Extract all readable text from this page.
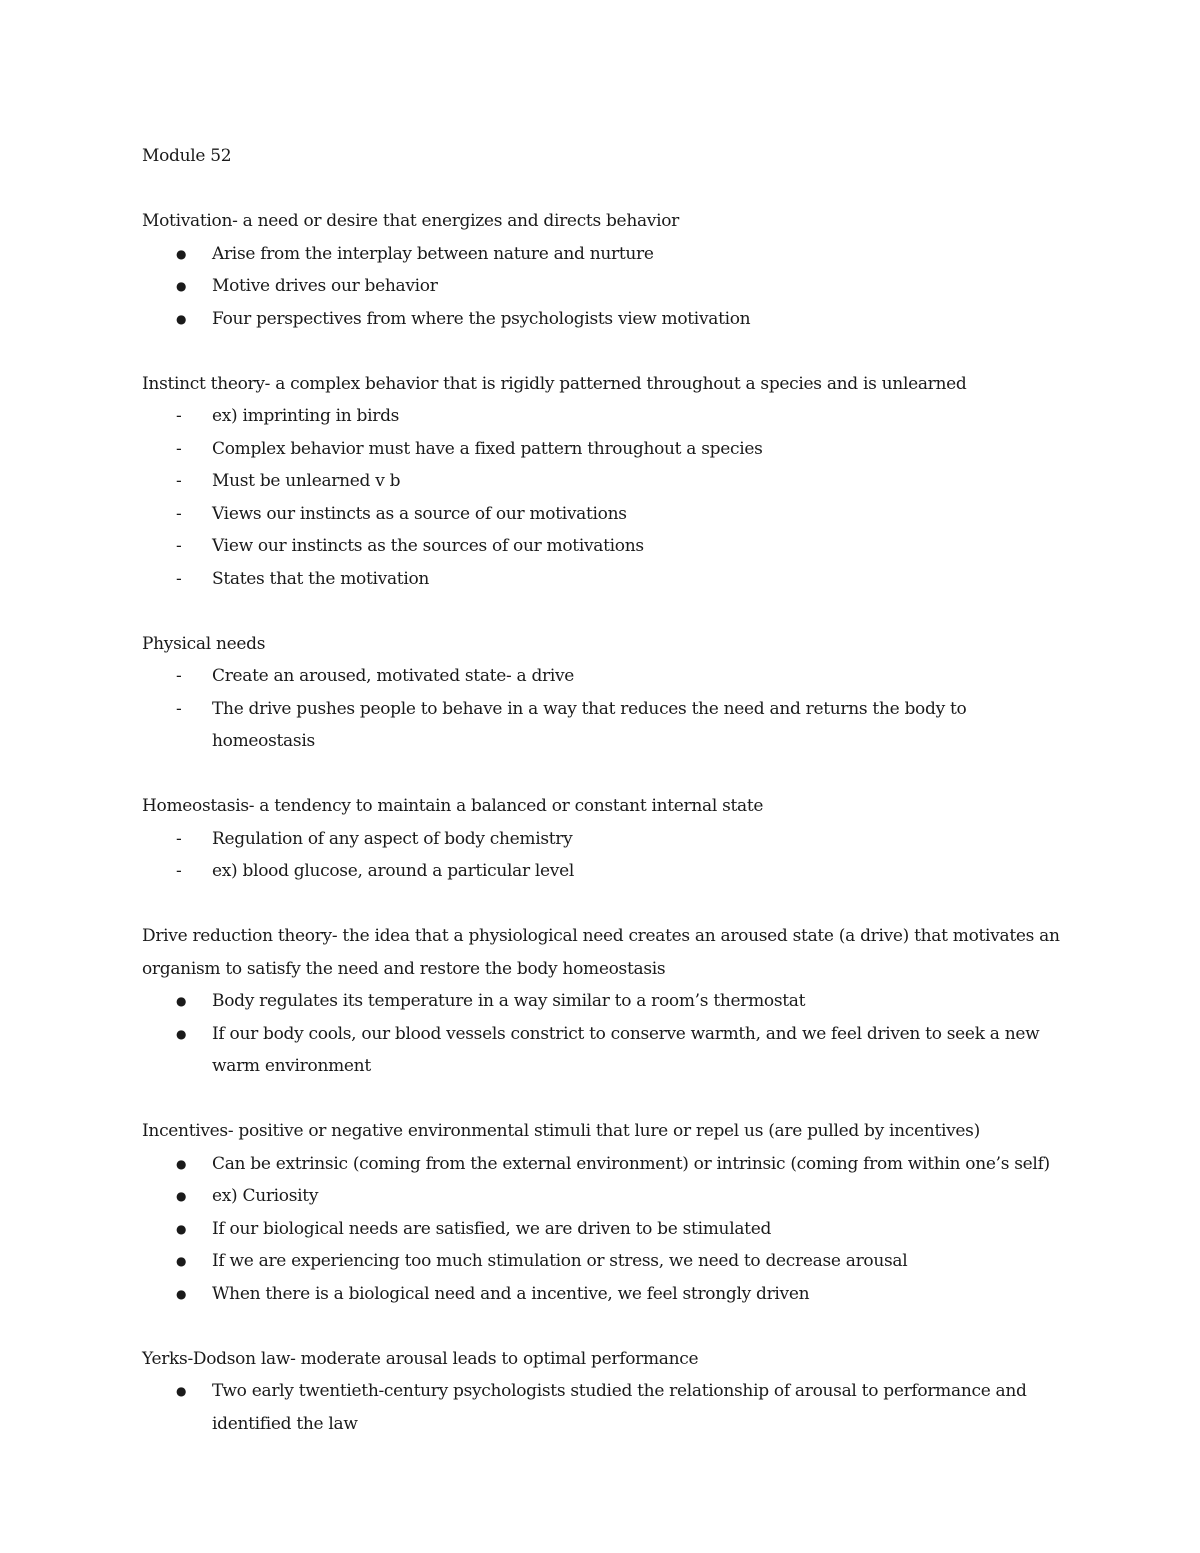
Module 52

Motivation- a need or desire that energizes and directs behavior

●	Arise from the interplay between nature and nurture
●	Motive drives our behavior
●	Four perspectives from where the psychologists view motivation

Instinct theory- a complex behavior that is rigidly patterned throughout a species and is unlearned

-	ex) imprinting in birds
-	Complex behavior must have a fixed pattern throughout a species
-	Must be unlearned v b
-	Views our instincts as a source of our motivations
-	View our instincts as the sources of our motivations
-	States that the motivation

Physical needs

-	Create an aroused, motivated state- a drive
-	The drive pushes people to behave in a way that reduces the need and returns the body to homeostasis

Homeostasis- a tendency to maintain a balanced or constant internal state

-	Regulation of any aspect of body chemistry
-	ex) blood glucose, around a particular level

Drive reduction theory- the idea that a physiological need creates an aroused state (a drive) that motivates an organism to satisfy the need and restore the body homeostasis

●	Body regulates its temperature in a way similar to a room’s thermostat
●	If our body cools, our blood vessels constrict to conserve warmth, and we feel driven to seek a new warm environment

Incentives- positive or negative environmental stimuli that lure or repel us (are pulled by incentives)

●	Can be extrinsic (coming from the external environment) or intrinsic (coming from within one’s self)
●	ex) Curiosity
●	If our biological needs are satisfied, we are driven to be stimulated
●	If we are experiencing too much stimulation or stress, we need to decrease arousal
●	When there is a biological need and a incentive, we feel strongly driven

Yerks-Dodson law- moderate arousal leads to optimal performance

●	Two early twentieth-century psychologists studied the relationship of arousal to performance and identified the law
